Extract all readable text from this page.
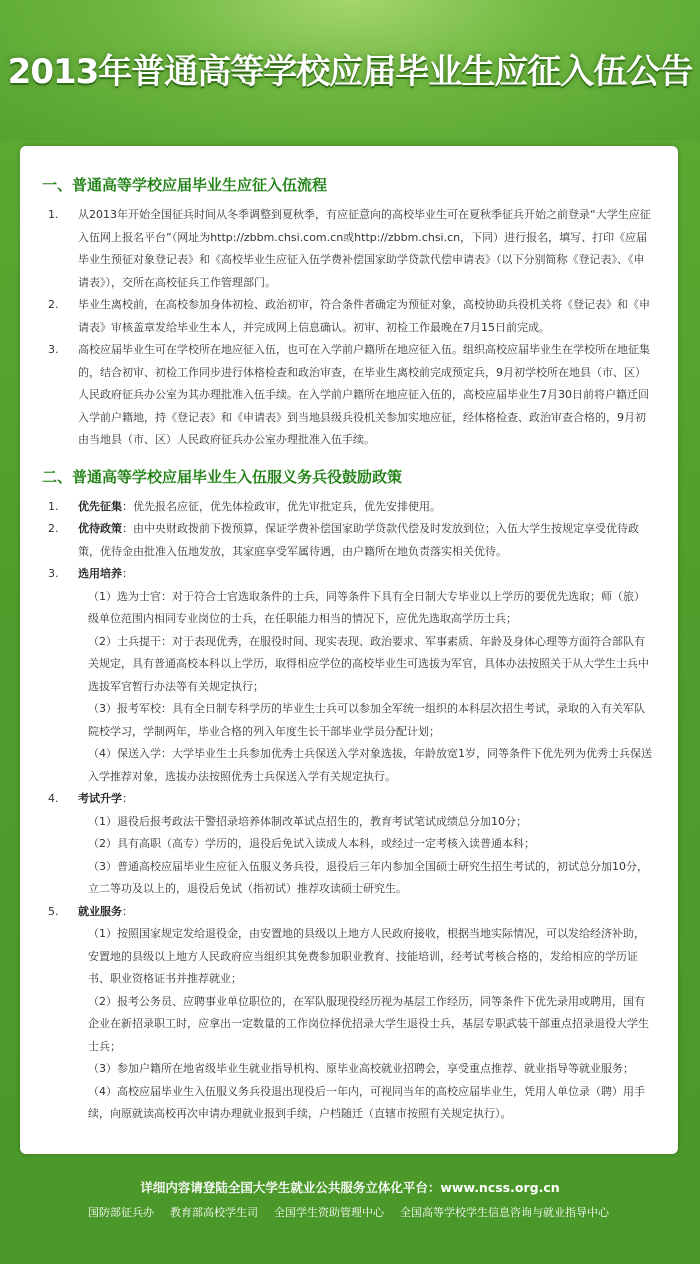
2013年普通高等学校应届毕业生应征入伍公告
一、普通高等学校应届毕业生应征入伍流程
1. 从2013年开始全国征兵时间从冬季调整到夏秋季，有应征意向的高校毕业生可在夏秋季征兵开始之前登录“大学生应征入伍网上报名平台”（网址为http://zbbm.chsi.com.cn或http://zbbm.chsi.cn，下同）进行报名，填写、打印《应届毕业生预征对象登记表》和《高校毕业生应征入伍学费补偿国家助学贷款代偿申请表》（以下分别简称《登记表》、《申请表》），交所在高校征兵工作管理部门。
2. 毕业生离校前，在高校参加身体初检、政治初审，符合条件者确定为预征对象，高校协助兵役机关将《登记表》和《申请表》审核盖章发给毕业生本人，并完成网上信息确认。初审、初检工作最晚在7月15日前完成。
3. 高校应届毕业生可在学校所在地应征入伍，也可在入学前户籍所在地应征入伍。组织高校应届毕业生在学校所在地征集的，结合初审、初检工作同步进行体格检查和政治审查，在毕业生离校前完成预定兵，9月初学校所在地县（市、区）人民政府征兵办公室为其办理批准入伍手续。在入学前户籍所在地应征入伍的，高校应届毕业生7月30日前将户籍迁回入学前户籍地，持《登记表》和《申请表》到当地县级兵役机关参加实地应征，经体格检查、政治审查合格的，9月初由当地县（市、区）人民政府征兵办公室办理批准入伍手续。
二、普通高等学校应届毕业生入伍服义务兵役鼓励政策
1. 优先征集：优先报名应征，优先体检政审，优先审批定兵，优先安排使用。
2. 优待政策：由中央财政拨前下拨预算，保证学费补偿国家助学贷款代偿及时发放到位；入伍大学生按规定享受优待政策，优待金由批准入伍地发放，其家庭享受军属待遇，由户籍所在地负责落实相关优待。
3. 选用培养：
（1）选为士官：对于符合士官选取条件的士兵，同等条件下具有全日制大专毕业以上学历的要优先选取；师（旅）级单位范围内相同专业岗位的士兵，在任职能力相当的情况下，应优先选取高学历士兵；
（2）士兵提干：对于表现优秀，在服役时间、现实表现、政治要求、军事素质、年龄及身体心理等方面符合部队有关规定，具有普通高校本科以上学历，取得相应学位的高校毕业生可选拔为军官，具体办法按照关于从大学生士兵中选拔军官暂行办法等有关规定执行；
（3）报考军校：具有全日制专科学历的毕业生士兵可以参加全军统一组织的本科层次招生考试，录取的入有关军队院校学习，学制两年，毕业合格的列入年度生长干部毕业学员分配计划；
（4）保送入学：大学毕业生士兵参加优秀士兵保送入学对象选拔，年龄放宽1岁，同等条件下优先列为优秀士兵保送入学推荐对象，选拔办法按照优秀士兵保送入学有关规定执行。
4. 考试升学：
（1）退役后报考政法干警招录培养体制改革试点招生的，教育考试笔试成绩总分加10分；
（2）具有高职（高专）学历的，退役后免试入读成人本科，或经过一定考核入读普通本科；
（3）普通高校应届毕业生应征入伍服义务兵役，退役后三年内参加全国硕士研究生招生考试的，初试总分加10分，立二等功及以上的，退役后免试（指初试）推荐攻读硕士研究生。
5. 就业服务：
（1）按照国家规定发给退役金，由安置地的县级以上地方人民政府接收，根据当地实际情况，可以发给经济补助，安置地的县级以上地方人民政府应当组织其免费参加职业教育、技能培训，经考试考核合格的，发给相应的学历证书、职业资格证书并推荐就业；
（2）报考公务员、应聘事业单位职位的，在军队服现役经历视为基层工作经历，同等条件下优先录用或聘用，国有企业在新招录职工时，应拿出一定数量的工作岗位择优招录大学生退役士兵，基层专职武装干部重点招录退役大学生士兵；
（3）参加户籍所在地省级毕业生就业指导机构、原毕业高校就业招聘会，享受重点推荐、就业指导等就业服务；
（4）高校应届毕业生入伍服义务兵役退出现役后一年内，可视同当年的高校应届毕业生，凭用人单位录（聘）用手续，向原就读高校再次申请办理就业报到手续，户档随迁（直辖市按照有关规定执行）。
详细内容请登陆全国大学生就业公共服务立体化平台：www.ncss.org.cn
国防部征兵办 教育部高校学生司 全国学生资助管理中心 全国高等学校学生信息咨询与就业指导中心
